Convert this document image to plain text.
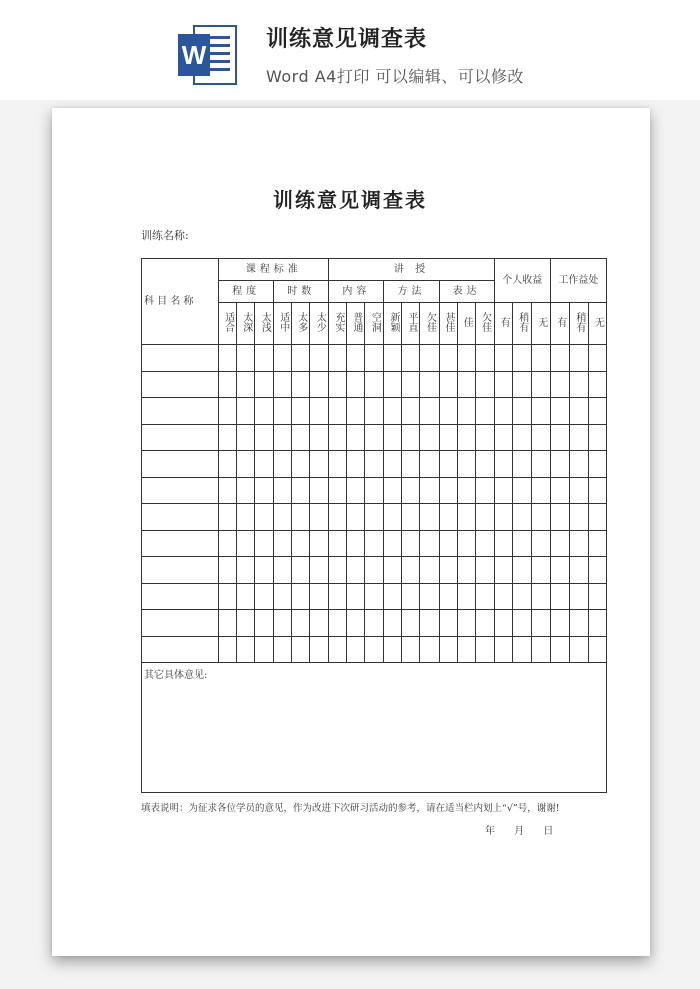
W
训练意见调查表
Word A4打印 可以编辑、可以修改
训练意见调查表
训练名称:
科 目 名 称	课程标准						讲 授									个人收益			工作益处		
	程度			时数			内容			方法			表达								
	适合	太深	太浅	适中	太多	太少	充实	普通	空洞	新颖	平直	欠佳	甚佳	佳	欠佳	有	稍有	无	有	稍有	无

其它具体意见:
填表说明：为征求各位学员的意见，作为改进下次研习活动的参考，请在适当栏内划上“√”号，谢谢!
年 月 日
